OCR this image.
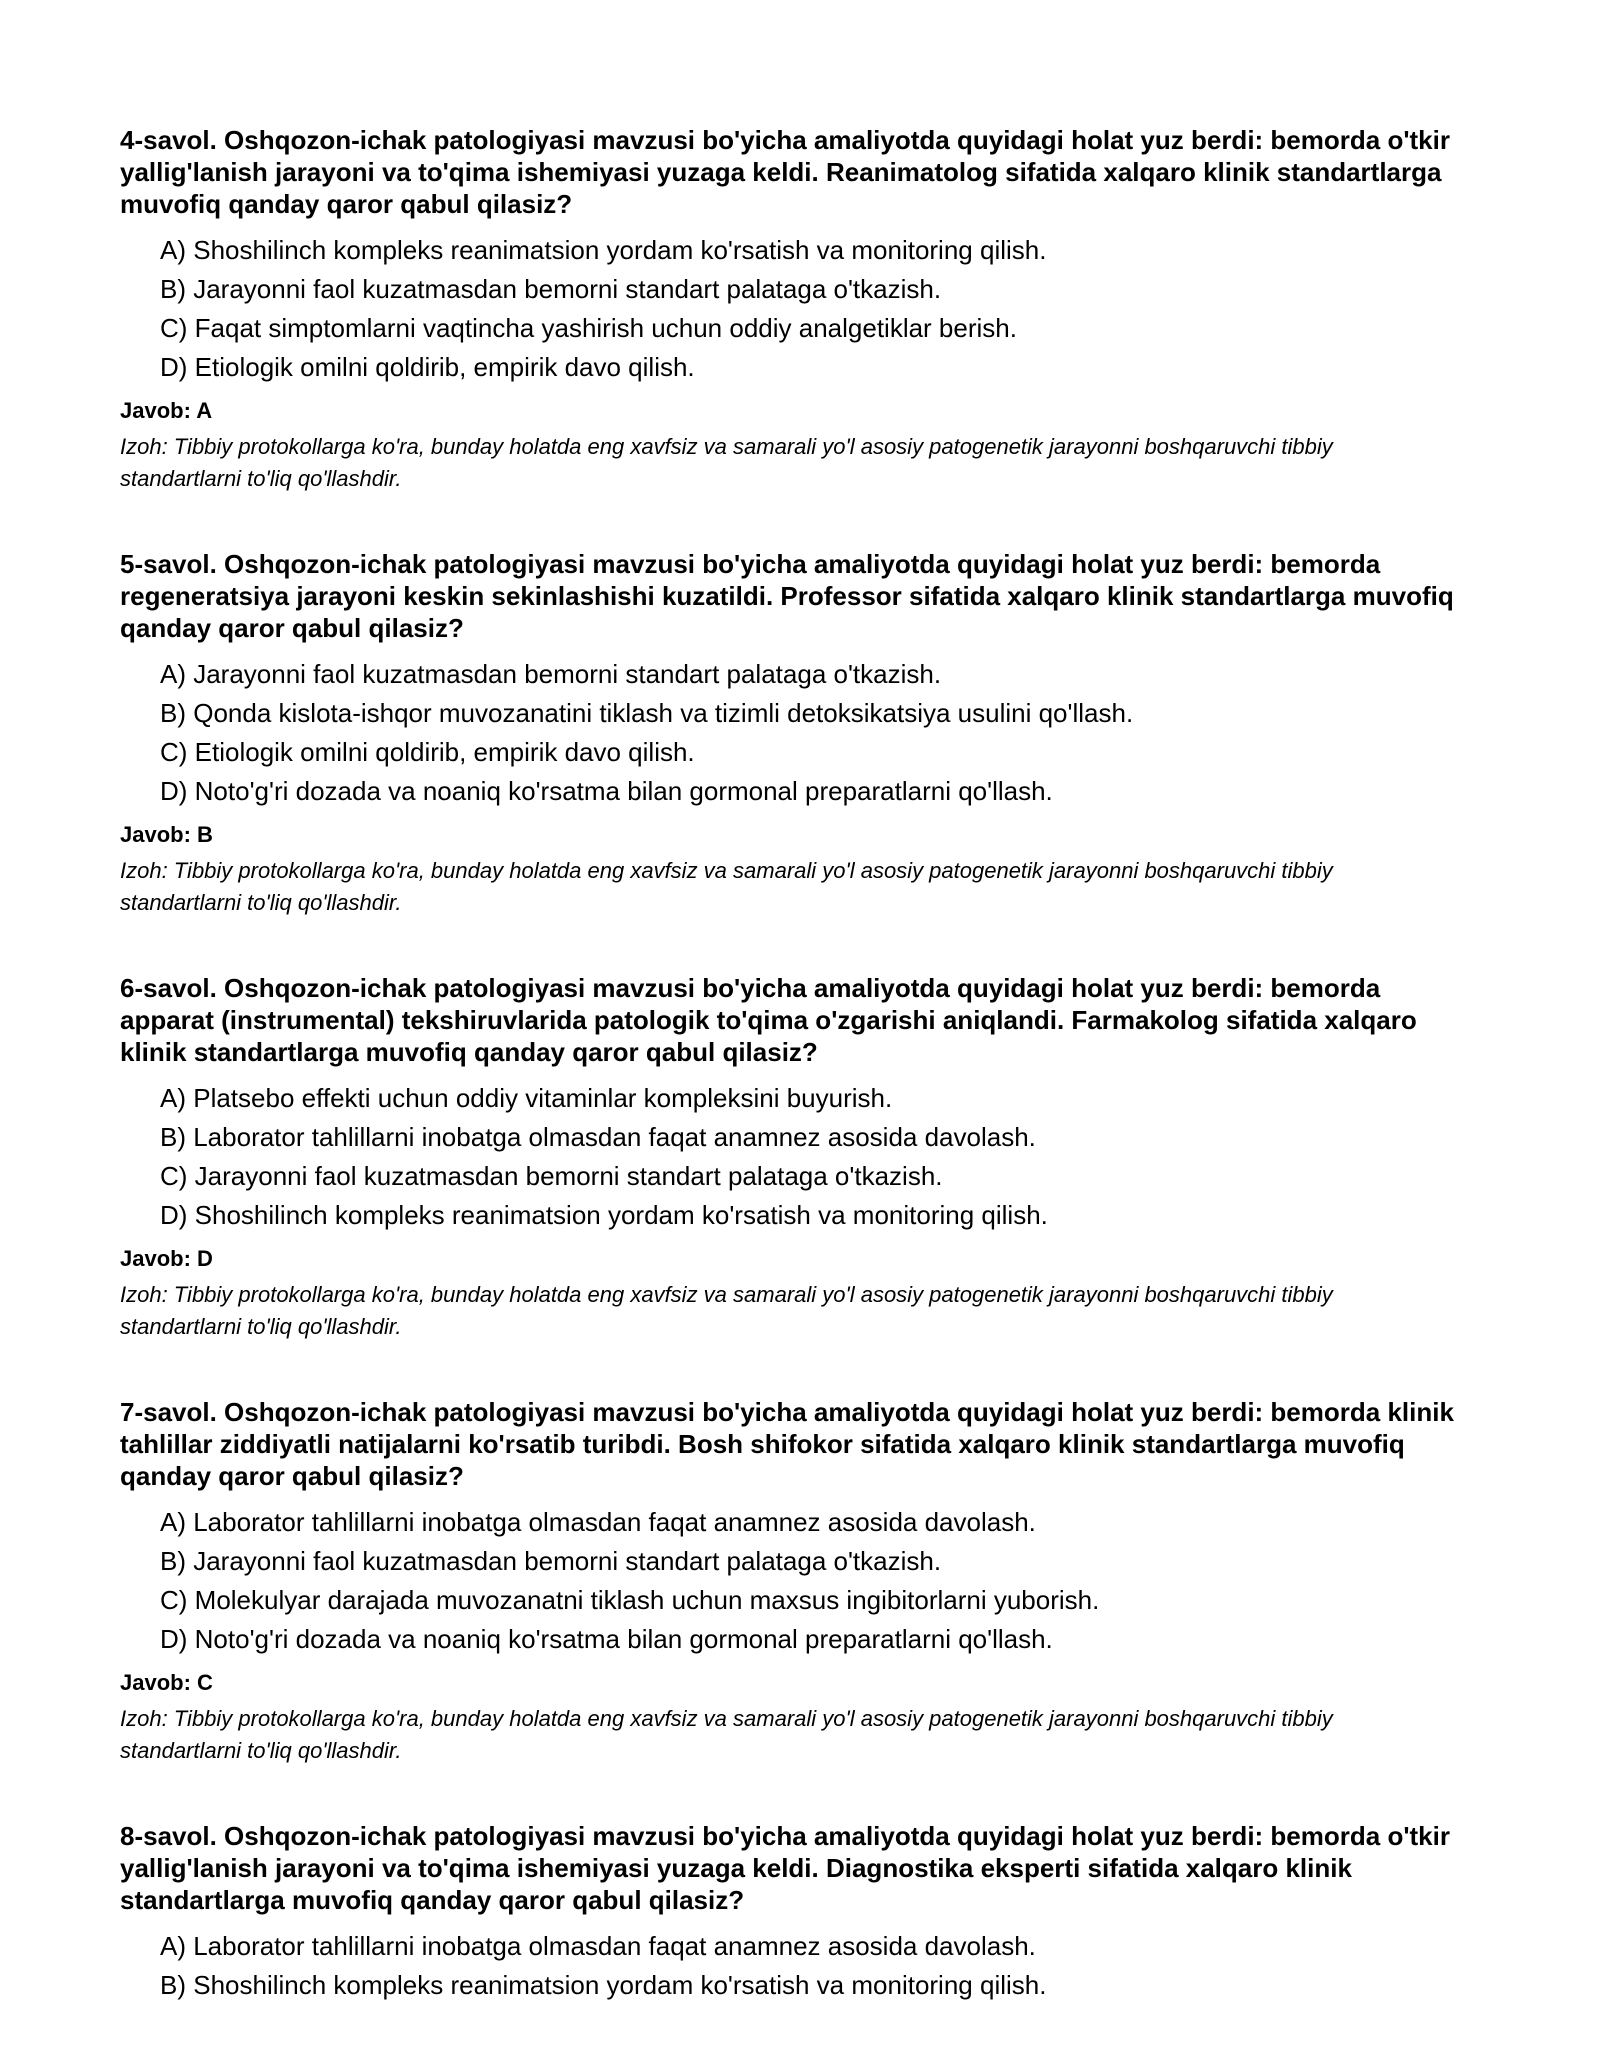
4-savol. Oshqozon-ichak patologiyasi mavzusi bo'yicha amaliyotda quyidagi holat yuz berdi: bemorda o'tkir yallig'lanish jarayoni va to'qima ishemiyasi yuzaga keldi. Reanimatolog sifatida xalqaro klinik standartlarga muvofiq qanday qaror qabul qilasiz?
A) Shoshilinch kompleks reanimatsion yordam ko'rsatish va monitoring qilish.
B) Jarayonni faol kuzatmasdan bemorni standart palataga o'tkazish.
C) Faqat simptomlarni vaqtincha yashirish uchun oddiy analgetiklar berish.
D) Etiologik omilni qoldirib, empirik davo qilish.
Javob: A
Izoh: Tibbiy protokollarga ko'ra, bunday holatda eng xavfsiz va samarali yo'l asosiy patogenetik jarayonni boshqaruvchi tibbiy standartlarni to'liq qo'llashdir.
5-savol. Oshqozon-ichak patologiyasi mavzusi bo'yicha amaliyotda quyidagi holat yuz berdi: bemorda regeneratsiya jarayoni keskin sekinlashishi kuzatildi. Professor sifatida xalqaro klinik standartlarga muvofiq qanday qaror qabul qilasiz?
A) Jarayonni faol kuzatmasdan bemorni standart palataga o'tkazish.
B) Qonda kislota-ishqor muvozanatini tiklash va tizimli detoksikatsiya usulini qo'llash.
C) Etiologik omilni qoldirib, empirik davo qilish.
D) Noto'g'ri dozada va noaniq ko'rsatma bilan gormonal preparatlarni qo'llash.
Javob: B
Izoh: Tibbiy protokollarga ko'ra, bunday holatda eng xavfsiz va samarali yo'l asosiy patogenetik jarayonni boshqaruvchi tibbiy standartlarni to'liq qo'llashdir.
6-savol. Oshqozon-ichak patologiyasi mavzusi bo'yicha amaliyotda quyidagi holat yuz berdi: bemorda apparat (instrumental) tekshiruvlarida patologik to'qima o'zgarishi aniqlandi. Farmakolog sifatida xalqaro klinik standartlarga muvofiq qanday qaror qabul qilasiz?
A) Platsebo effekti uchun oddiy vitaminlar kompleksini buyurish.
B) Laborator tahlillarni inobatga olmasdan faqat anamnez asosida davolash.
C) Jarayonni faol kuzatmasdan bemorni standart palataga o'tkazish.
D) Shoshilinch kompleks reanimatsion yordam ko'rsatish va monitoring qilish.
Javob: D
Izoh: Tibbiy protokollarga ko'ra, bunday holatda eng xavfsiz va samarali yo'l asosiy patogenetik jarayonni boshqaruvchi tibbiy standartlarni to'liq qo'llashdir.
7-savol. Oshqozon-ichak patologiyasi mavzusi bo'yicha amaliyotda quyidagi holat yuz berdi: bemorda klinik tahlillar ziddiyatli natijalarni ko'rsatib turibdi. Bosh shifokor sifatida xalqaro klinik standartlarga muvofiq qanday qaror qabul qilasiz?
A) Laborator tahlillarni inobatga olmasdan faqat anamnez asosida davolash.
B) Jarayonni faol kuzatmasdan bemorni standart palataga o'tkazish.
C) Molekulyar darajada muvozanatni tiklash uchun maxsus ingibitorlarni yuborish.
D) Noto'g'ri dozada va noaniq ko'rsatma bilan gormonal preparatlarni qo'llash.
Javob: C
Izoh: Tibbiy protokollarga ko'ra, bunday holatda eng xavfsiz va samarali yo'l asosiy patogenetik jarayonni boshqaruvchi tibbiy standartlarni to'liq qo'llashdir.
8-savol. Oshqozon-ichak patologiyasi mavzusi bo'yicha amaliyotda quyidagi holat yuz berdi: bemorda o'tkir yallig'lanish jarayoni va to'qima ishemiyasi yuzaga keldi. Diagnostika eksperti sifatida xalqaro klinik standartlarga muvofiq qanday qaror qabul qilasiz?
A) Laborator tahlillarni inobatga olmasdan faqat anamnez asosida davolash.
B) Shoshilinch kompleks reanimatsion yordam ko'rsatish va monitoring qilish.
